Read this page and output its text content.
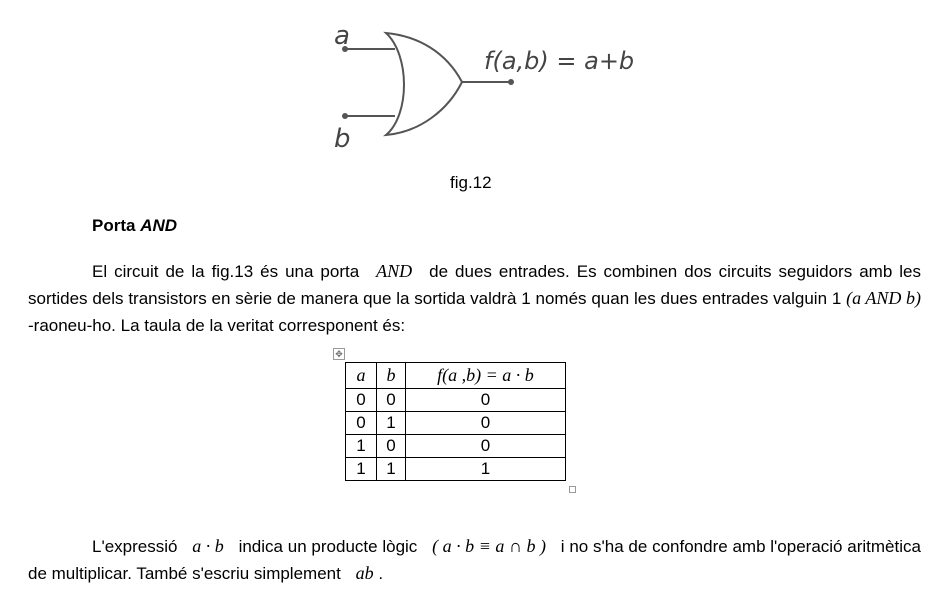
a
b
f(a,b) = a+b
fig.12
Porta AND
El circuit de la fig.13 és una porta AND de dues entrades. Es combinen dos circuits seguidors amb les sortides dels transistors en sèrie de manera que la sortida valdrà 1 només quan les dues entrades valguin 1 (a AND b) -raoneu-ho. La taula de la veritat corresponent és:
✥
a	b	f(a ,b) = a · b
0	0	0
0	1	0
1	0	0
1	1	1
L'expressió a · b indica un producte lògic ( a · b ≡ a ∩ b ) i no s'ha de confondre amb l'operació aritmètica de multiplicar. També s'escriu simplement ab .
